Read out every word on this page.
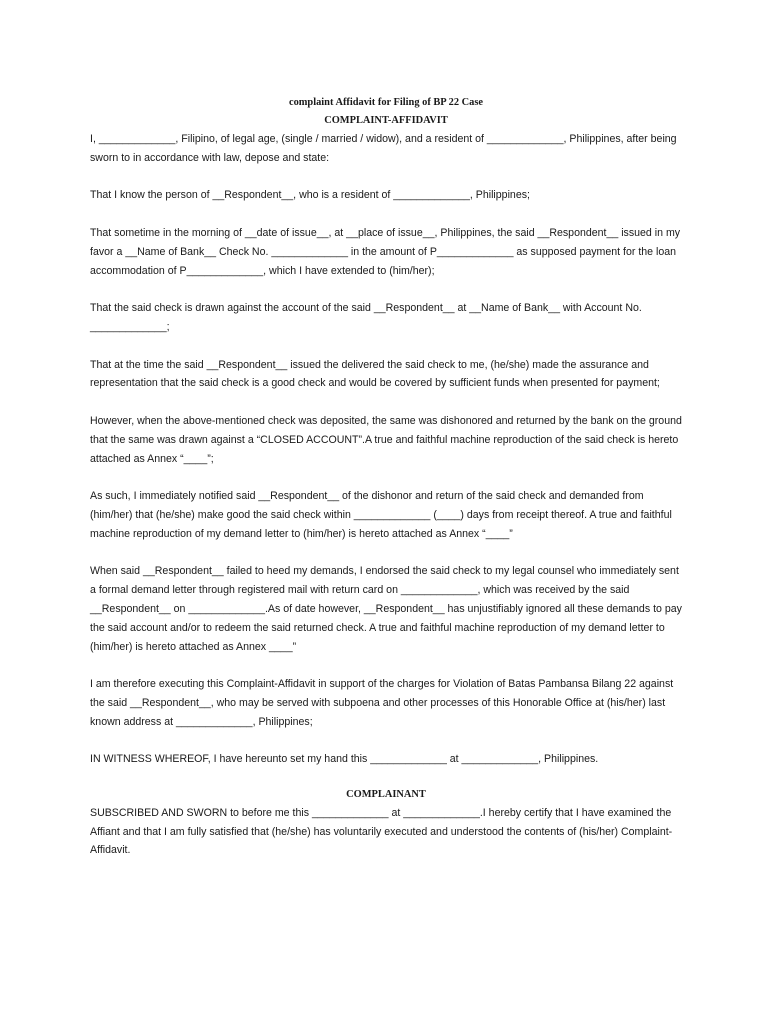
complaint Affidavit for Filing of BP 22 Case
COMPLAINT-AFFIDAVIT

I, _____________, Filipino, of legal age, (single / married / widow), and a resident of _____________, Philippines, after being sworn to in accordance with law, depose and state:

That I know the person of __Respondent__, who is a resident of _____________, Philippines;

That sometime in the morning of __date of issue__, at __place of issue__, Philippines, the said __Respondent__ issued in my favor a __Name of Bank__ Check No. _____________ in the amount of P_____________ as supposed payment for the loan accommodation of P_____________, which I have extended to (him/her);

That the said check is drawn against the account of the said __Respondent__ at __Name of Bank__ with Account No. _____________;

That at the time the said __Respondent__ issued the delivered the said check to me, (he/she) made the assurance and representation that the said check is a good check and would be covered by sufficient funds when presented for payment;

However, when the above-mentioned check was deposited, the same was dishonored and returned by the bank on the ground that the same was drawn against a “CLOSED ACCOUNT”.A true and faithful machine reproduction of the said check is hereto attached as Annex “____”;

As such, I immediately notified said __Respondent__ of the dishonor and return of the said check and demanded from (him/her) that (he/she) make good the said check within _____________ (____) days from receipt thereof. A true and faithful machine reproduction of my demand letter to (him/her) is hereto attached as Annex “____”

When said __Respondent__ failed to heed my demands, I endorsed the said check to my legal counsel who immediately sent a formal demand letter through registered mail with return card on _____________, which was received by the said __Respondent__ on _____________.As of date however, __Respondent__ has unjustifiably ignored all these demands to pay the said account and/or to redeem the said returned check. A true and faithful machine reproduction of my demand letter to (him/her) is hereto attached as Annex ____”

I am therefore executing this Complaint-Affidavit in support of the charges for Violation of Batas Pambansa Bilang 22 against the said __Respondent__, who may be served with subpoena and other processes of this Honorable Office at (his/her) last known address at _____________, Philippines;

IN WITNESS WHEREOF, I have hereunto set my hand this _____________ at _____________, Philippines.

COMPLAINANT

SUBSCRIBED AND SWORN to before me this _____________ at _____________.I hereby certify that I have examined the Affiant and that I am fully satisfied that (he/she) has voluntarily executed and understood the contents of (his/her) Complaint-Affidavit.
